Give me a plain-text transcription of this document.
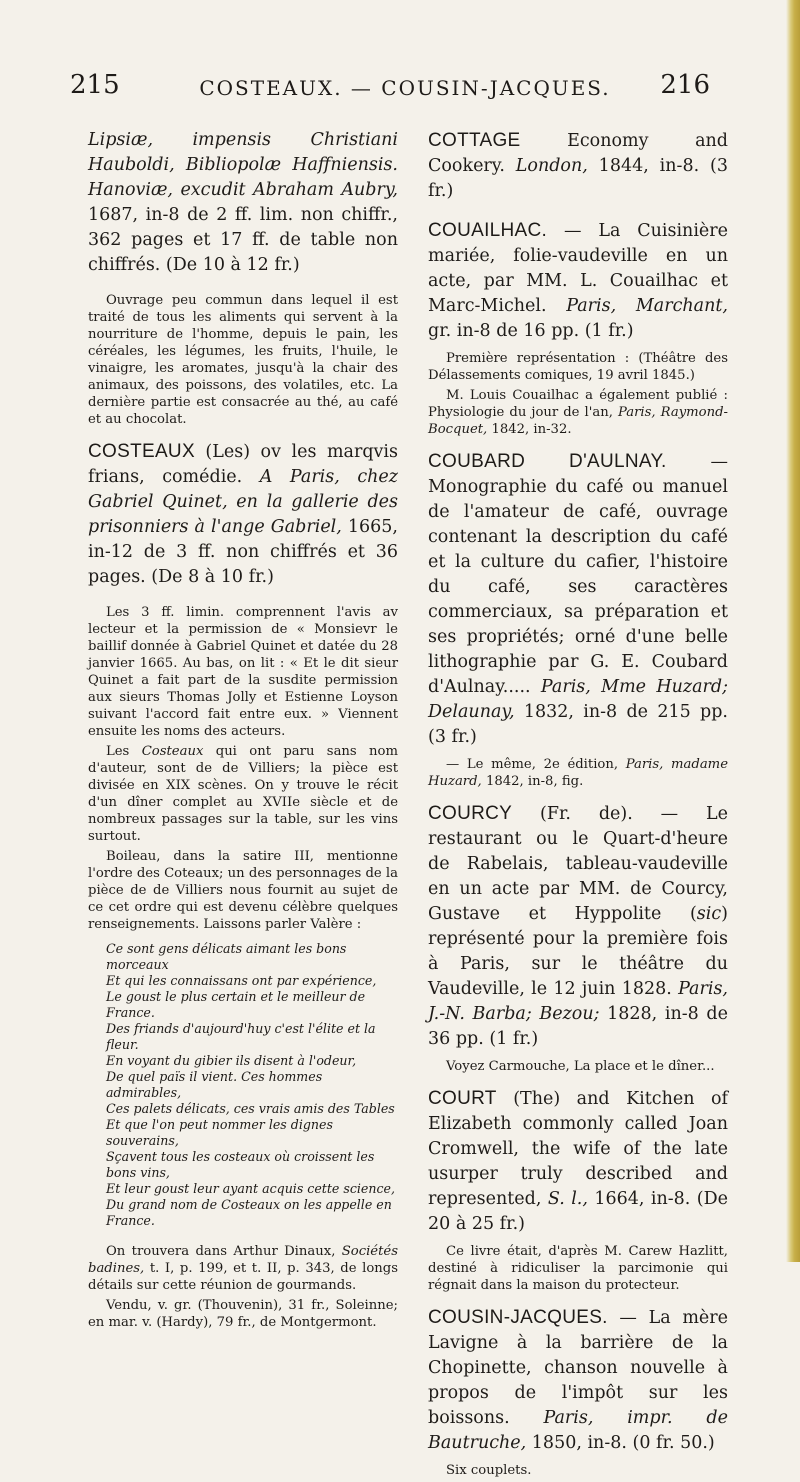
215	COSTEAUX. — COUSIN-JACQUES.	216

Lipsiæ, impensis Christiani Hauboldi, Bibliopolæ Haffniensis. Hanoviæ, excudit Abraham Aubry, 1687, in-8 de 2 ff. lim. non chiffr., 362 pages et 17 ff. de table non chiffrés. (De 10 à 12 fr.)

Ouvrage peu commun dans lequel il est traité de tous les aliments qui servent à la nourriture de l'homme, depuis le pain, les céréales, les légumes, les fruits, l'huile, le vinaigre, les aromates, jusqu'à la chair des animaux, des poissons, des volatiles, etc. La dernière partie est consacrée au thé, au café et au chocolat.

COSTEAUX (Les) ov les marqvis frians, comédie. A Paris, chez Gabriel Quinet, en la gallerie des prisonniers à l'ange Gabriel, 1665, in-12 de 3 ff. non chiffrés et 36 pages. (De 8 à 10 fr.)

Les 3 ff. limin. comprennent l'avis av lecteur et la permission de « Monsievr le baillif donnée à Gabriel Quinet et datée du 28 janvier 1665. Au bas, on lit : « Et le dit sieur Quinet a fait part de la susdite permission aux sieurs Thomas Jolly et Estienne Loyson suivant l'accord fait entre eux. » Viennent ensuite les noms des acteurs.

Les Costeaux qui ont paru sans nom d'auteur, sont de de Villiers; la pièce est divisée en XIX scènes. On y trouve le récit d'un dîner complet au XVIIe siècle et de nombreux passages sur la table, sur les vins surtout.

Boileau, dans la satire III, mentionne l'ordre des Coteaux; un des personnages de la pièce de de Villiers nous fournit au sujet de ce cet ordre qui est devenu célèbre quelques renseignements. Laissons parler Valère :

Ce sont gens délicats aimant les bons morceaux
Et qui les connaissans ont par expérience,
Le goust le plus certain et le meilleur de France.
Des friands d'aujourd'huy c'est l'élite et la fleur.
En voyant du gibier ils disent à l'odeur,
De quel païs il vient. Ces hommes admirables,
Ces palets délicats, ces vrais amis des Tables
Et que l'on peut nommer les dignes souverains,
Sçavent tous les costeaux où croissent les bons vins,
Et leur goust leur ayant acquis cette science,
Du grand nom de Costeaux on les appelle en France.

On trouvera dans Arthur Dinaux, Sociétés badines, t. I, p. 199, et t. II, p. 343, de longs détails sur cette réunion de gourmands.

Vendu, v. gr. (Thouvenin), 31 fr., Soleinne; en mar. v. (Hardy), 79 fr., de Montgermont.

COTTAGE Economy and Cookery. London, 1844, in-8. (3 fr.)

COUAILHAC. — La Cuisinière mariée, folie-vaudeville en un acte, par MM. L. Couailhac et Marc-Michel. Paris, Marchant, gr. in-8 de 16 pp. (1 fr.)

Première représentation : (Théâtre des Délassements comiques, 19 avril 1845.)

M. Louis Couailhac a également publié : Physiologie du jour de l'an, Paris, Raymond-Bocquet, 1842, in-32.

COUBARD D'AULNAY. — Monographie du café ou manuel de l'amateur de café, ouvrage contenant la description du café et la culture du cafier, l'histoire du café, ses caractères commerciaux, sa préparation et ses propriétés; orné d'une belle lithographie par G. E. Coubard d'Aulnay..... Paris, Mme Huzard; Delaunay, 1832, in-8 de 215 pp. (3 fr.)

— Le même, 2e édition, Paris, madame Huzard, 1842, in-8, fig.

COURCY (Fr. de). — Le restaurant ou le Quart-d'heure de Rabelais, tableau-vaudeville en un acte par MM. de Courcy, Gustave et Hyppolite (sic) représenté pour la première fois à Paris, sur le théâtre du Vaudeville, le 12 juin 1828. Paris, J.-N. Barba; Bezou; 1828, in-8 de 36 pp. (1 fr.)

Voyez Carmouche, La place et le dîner...

COURT (The) and Kitchen of Elizabeth commonly called Joan Cromwell, the wife of the late usurper truly described and represented, S. l., 1664, in-8. (De 20 à 25 fr.)

Ce livre était, d'après M. Carew Hazlitt, destiné à ridiculiser la parcimonie qui régnait dans la maison du protecteur.

COUSIN-JACQUES. — La mère Lavigne à la barrière de la Chopinette, chanson nouvelle à propos de l'impôt sur les boissons. Paris, impr. de Bautruche, 1850, in-8. (0 fr. 50.)

Six couplets.
